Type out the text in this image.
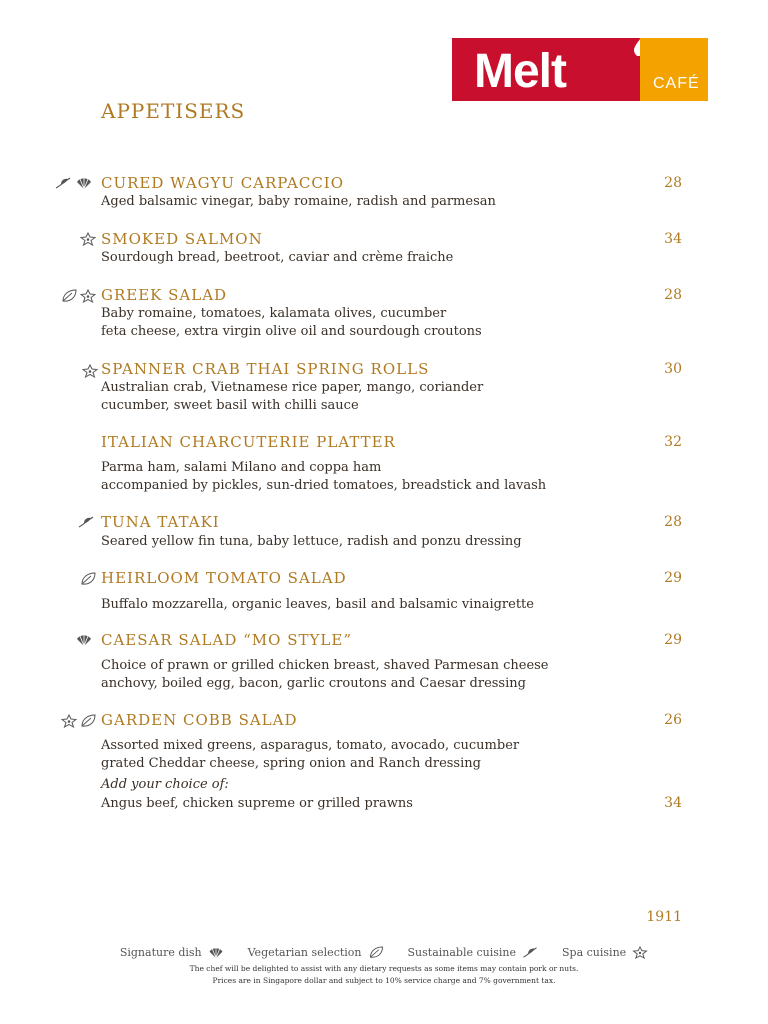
Melt	CAFÉ
APPETISERS
CURED WAGYU CARPACCIO	28
Aged balsamic vinegar, baby romaine, radish and parmesan
SMOKED SALMON	34
Sourdough bread, beetroot, caviar and crème fraiche
GREEK SALAD	28
Baby romaine, tomatoes, kalamata olives, cucumber
feta cheese, extra virgin olive oil and sourdough croutons
SPANNER CRAB THAI SPRING ROLLS	30
Australian crab, Vietnamese rice paper, mango, coriander
cucumber, sweet basil with chilli sauce
ITALIAN CHARCUTERIE PLATTER	32
Parma ham, salami Milano and coppa ham
accompanied by pickles, sun-dried tomatoes, breadstick and lavash
TUNA TATAKI	28
Seared yellow fin tuna, baby lettuce, radish and ponzu dressing
HEIRLOOM TOMATO SALAD	29
Buffalo mozzarella, organic leaves, basil and balsamic vinaigrette
CAESAR SALAD “MO STYLE”	29
Choice of prawn or grilled chicken breast, shaved Parmesan cheese
anchovy, boiled egg, bacon, garlic croutons and Caesar dressing
GARDEN COBB SALAD	26
Assorted mixed greens, asparagus, tomato, avocado, cucumber
grated Cheddar cheese, spring onion and Ranch dressing
Add your choice of:
Angus beef, chicken supreme or grilled prawns	34
1911
Signature dish	Vegetarian selection	Sustainable cuisine	Spa cuisine
The chef will be delighted to assist with any dietary requests as some items may contain pork or nuts.
Prices are in Singapore dollar and subject to 10% service charge and 7% government tax.
